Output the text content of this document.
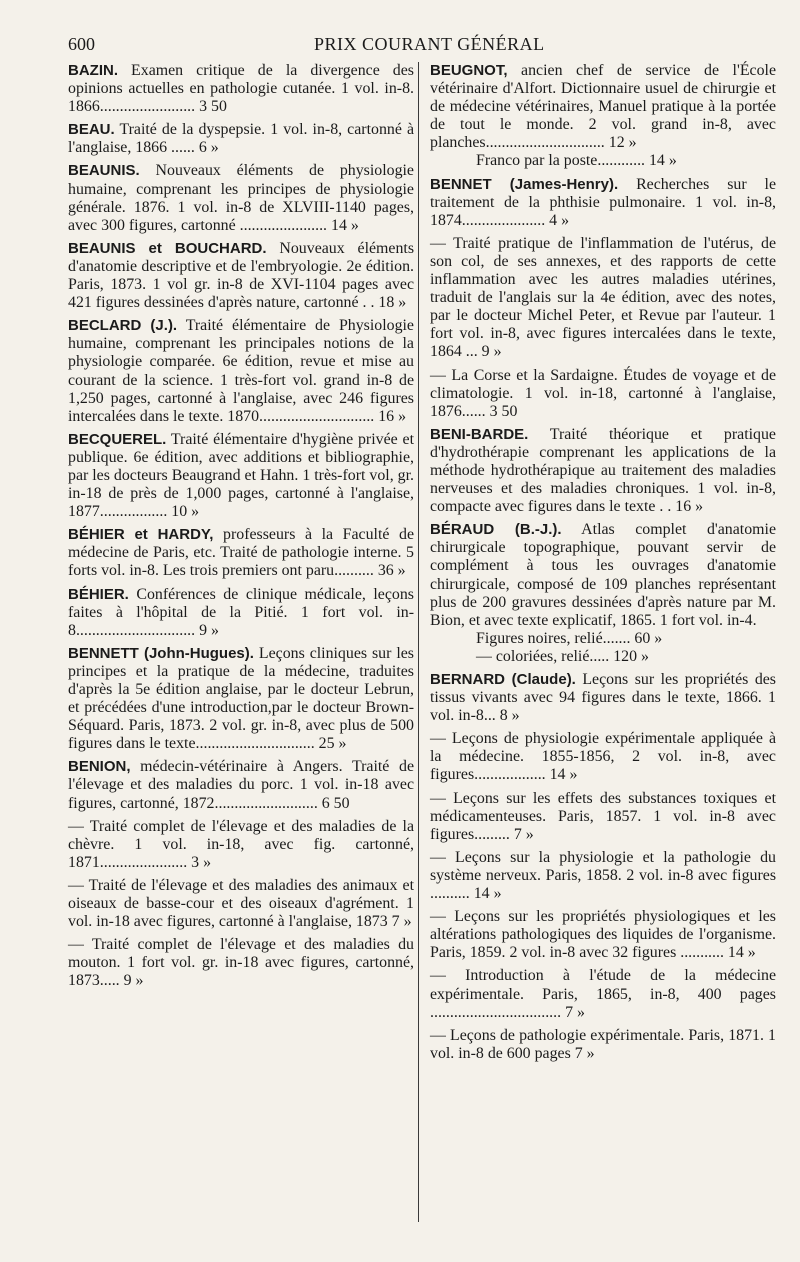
600	PRIX COURANT GÉNÉRAL

BAZIN. Examen critique de la divergence des opinions actuelles en pathologie cutanée. 1 vol. in-8. 1866........................ 3 50

BEAU. Traité de la dyspepsie. 1 vol. in-8, cartonné à l'anglaise, 1866 ...... 6 »

BEAUNIS. Nouveaux éléments de physiologie humaine, comprenant les principes de physiologie générale. 1876. 1 vol. in-8 de XLVIII-1140 pages, avec 300 figures, cartonné ...................... 14 »

BEAUNIS et BOUCHARD. Nouveaux éléments d'anatomie descriptive et de l'embryologie. 2e édition. Paris, 1873. 1 vol gr. in-8 de XVI-1104 pages avec 421 figures dessinées d'après nature, cartonné . . 18 »

BECLARD (J.). Traité élémentaire de Physiologie humaine, comprenant les principales notions de la physiologie comparée. 6e édition, revue et mise au courant de la science. 1 très-fort vol. grand in-8 de 1,250 pages, cartonné à l'anglaise, avec 246 figures intercalées dans le texte. 1870............................. 16 »

BECQUEREL. Traité élémentaire d'hygiène privée et publique. 6e édition, avec additions et bibliographie, par les docteurs Beaugrand et Hahn. 1 très-fort vol, gr. in-18 de près de 1,000 pages, cartonné à l'anglaise, 1877................. 10 »

BÉHIER et HARDY, professeurs à la Faculté de médecine de Paris, etc. Traité de pathologie interne. 5 forts vol. in-8. Les trois premiers ont paru.......... 36 »

BÉHIER. Conférences de clinique médicale, leçons faites à l'hôpital de la Pitié. 1 fort vol. in-8.............................. 9 »

BENNETT (John-Hugues). Leçons cliniques sur les principes et la pratique de la médecine, traduites d'après la 5e édition anglaise, par le docteur Lebrun, et précédées d'une introduction,par le docteur Brown-Séquard. Paris, 1873. 2 vol. gr. in-8, avec plus de 500 figures dans le texte.............................. 25 »

BENION, médecin-vétérinaire à Angers. Traité de l'élevage et des maladies du porc. 1 vol. in-18 avec figures, cartonné, 1872.......................... 6 50

— Traité complet de l'élevage et des maladies de la chèvre. 1 vol. in-18, avec fig. cartonné, 1871...................... 3 »

— Traité de l'élevage et des maladies des animaux et oiseaux de basse-cour et des oiseaux d'agrément. 1 vol. in-18 avec figures, cartonné à l'anglaise, 1873 7 »

— Traité complet de l'élevage et des maladies du mouton. 1 fort vol. gr. in-18 avec figures, cartonné, 1873..... 9 »

BEUGNOT, ancien chef de service de l'École vétérinaire d'Alfort. Dictionnaire usuel de chirurgie et de médecine vétérinaires, Manuel pratique à la portée de tout le monde. 2 vol. grand in-8, avec planches.............................. 12 »
Franco par la poste............ 14 »

BENNET (James-Henry). Recherches sur le traitement de la phthisie pulmonaire. 1 vol. in-8, 1874..................... 4 »

— Traité pratique de l'inflammation de l'utérus, de son col, de ses annexes, et des rapports de cette inflammation avec les autres maladies utérines, traduit de l'anglais sur la 4e édition, avec des notes, par le docteur Michel Peter, et Revue par l'auteur. 1 fort vol. in-8, avec figures intercalées dans le texte, 1864 ... 9 »

— La Corse et la Sardaigne. Études de voyage et de climatologie. 1 vol. in-18, cartonné à l'anglaise, 1876...... 3 50

BENI-BARDE. Traité théorique et pratique d'hydrothérapie comprenant les applications de la méthode hydrothérapique au traitement des maladies nerveuses et des maladies chroniques. 1 vol. in-8, compacte avec figures dans le texte . . 16 »

BÉRAUD (B.-J.). Atlas complet d'anatomie chirurgicale topographique, pouvant servir de complément à tous les ouvrages d'anatomie chirurgicale, composé de 109 planches représentant plus de 200 gravures dessinées d'après nature par M. Bion, et avec texte explicatif, 1865. 1 fort vol. in-4.
Figures noires, relié....... 60 »
— coloriées, relié..... 120 »

BERNARD (Claude). Leçons sur les propriétés des tissus vivants avec 94 figures dans le texte, 1866. 1 vol. in-8... 8 »

— Leçons de physiologie expérimentale appliquée à la médecine. 1855-1856, 2 vol. in-8, avec figures.................. 14 »

— Leçons sur les effets des substances toxiques et médicamenteuses. Paris, 1857. 1 vol. in-8 avec figures......... 7 »

— Leçons sur la physiologie et la pathologie du système nerveux. Paris, 1858. 2 vol. in-8 avec figures .......... 14 »

— Leçons sur les propriétés physiologiques et les altérations pathologiques des liquides de l'organisme. Paris, 1859. 2 vol. in-8 avec 32 figures ........... 14 »

— Introduction à l'étude de la médecine expérimentale. Paris, 1865, in-8, 400 pages ................................. 7 »

— Leçons de pathologie expérimentale. Paris, 1871. 1 vol. in-8 de 600 pages 7 »
